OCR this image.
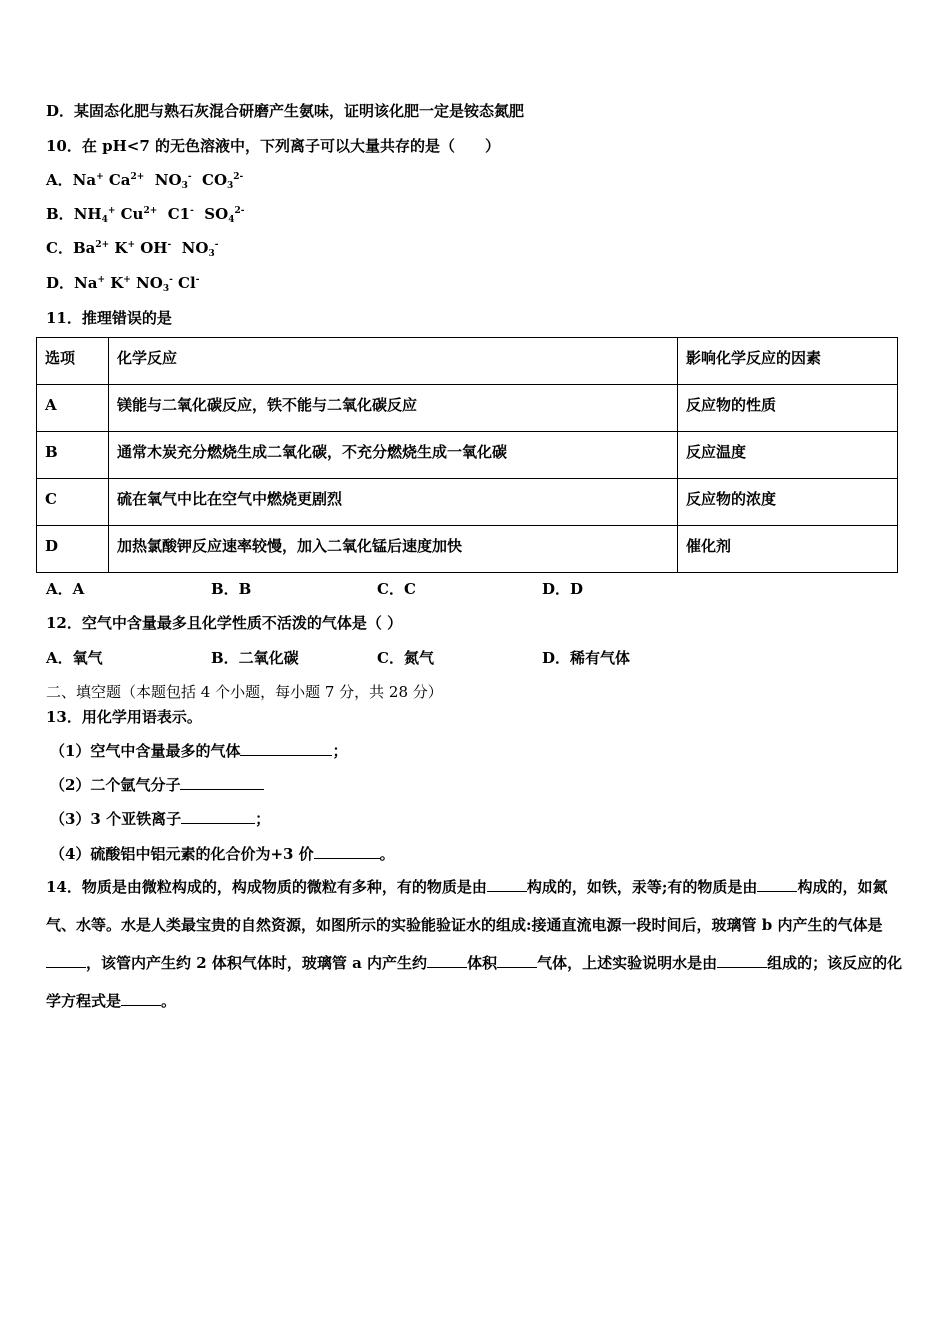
D．某固态化肥与熟石灰混合研磨产生氨味，证明该化肥一定是铵态氮肥
10．在 pH<7 的无色溶液中，下列离子可以大量共存的是（　　）
A．Na+ $Ca^{2+}$  $NO_3^-$  $CO_3^{2-}$
B．$NH_4^+$ $Cu^{2+}$  C1-  $SO_4^{2-}$
C．$Ba^{2+}$ K+ OH-  $NO_3^-$
D．Na+ K+ $NO_3^-$ Cl-
11．推理错误的是
选项	化学反应	影响化学反应的因素
A	镁能与二氧化碳反应，铁不能与二氧化碳反应	反应物的性质
B	通常木炭充分燃烧生成二氧化碳，不充分燃烧生成一氧化碳	反应温度
C	硫在氧气中比在空气中燃烧更剧烈	反应物的浓度
D	加热氯酸钾反应速率较慢，加入二氧化锰后速度加快	催化剂
A．A	B．B	C．C	D．D
12．空气中含量最多且化学性质不活泼的气体是（ ）
A．氧气	B．二氧化碳	C．氮气	D．稀有气体
二、填空题（本题包括 4 个小题，每小题 7 分，共 28 分）
13．用化学用语表示。
（1）空气中含量最多的气体	；
（2）二个氩气分子
（3）3 个亚铁离子	；
（4）硫酸铝中铝元素的化合价为+3 价	。
14．物质是由微粒构成的，构成物质的微粒有多种，有的物质是由	构成的，如铁，汞等;有的物质是由	构成的，如氮气、水等。水是人类最宝贵的自然资源，如图所示的实验能验证水的组成:接通直流电源一段时间后，玻璃管 b 内产生的气体是，该管内产生约 2 体积气体时，玻璃管 a 内产生约	体积	气体，上述实验说明水是由	组成的；该反应的化学方程式是	。
